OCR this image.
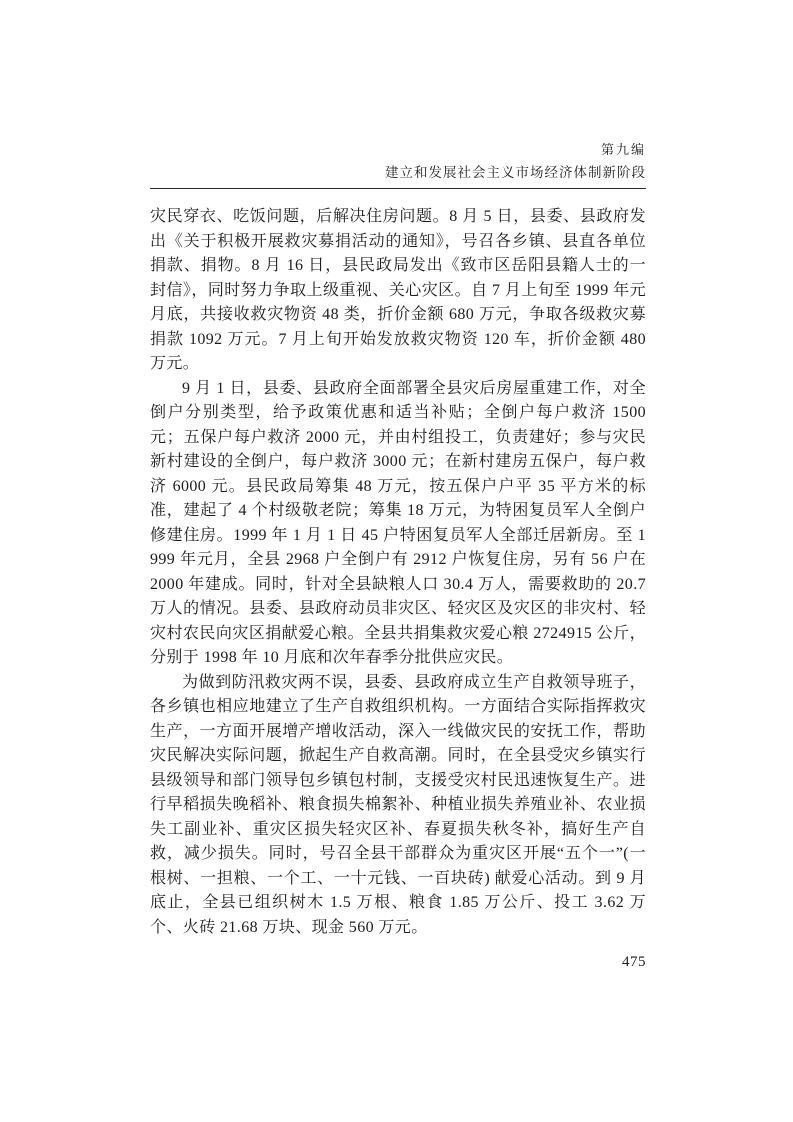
第九编
建立和发展社会主义市场经济体制新阶段

灾民穿衣、吃饭问题，后解决住房问题。8 月 5 日，县委、县政府发出《关于积极开展救灾募捐活动的通知》，号召各乡镇、县直各单位捐款、捐物。8 月 16 日，县民政局发出《致市区岳阳县籍人士的一封信》，同时努力争取上级重视、关心灾区。自 7 月上旬至 1999 年元月底，共接收救灾物资 48 类，折价金额 680 万元，争取各级救灾募捐款 1092 万元。7 月上旬开始发放救灾物资 120 车，折价金额 480 万元。

9 月 1 日，县委、县政府全面部署全县灾后房屋重建工作，对全倒户分别类型，给予政策优惠和适当补贴；全倒户每户救济 1500 元；五保户每户救济 2000 元，并由村组投工，负责建好；参与灾民新村建设的全倒户，每户救济 3000 元；在新村建房五保户，每户救济 6000 元。县民政局筹集 48 万元，按五保户户平 35 平方米的标准，建起了 4 个村级敬老院；筹集 18 万元，为特困复员军人全倒户修建住房。1999 年 1 月 1 日 45 户特困复员军人全部迁居新房。至 1999 年元月，全县 2968 户全倒户有 2912 户恢复住房，另有 56 户在 2000 年建成。同时，针对全县缺粮人口 30.4 万人，需要救助的 20.7 万人的情况。县委、县政府动员非灾区、轻灾区及灾区的非灾村、轻灾村农民向灾区捐献爱心粮。全县共捐集救灾爱心粮 2724915 公斤，分别于 1998 年 10 月底和次年春季分批供应灾民。

为做到防汛救灾两不误，县委、县政府成立生产自救领导班子，各乡镇也相应地建立了生产自救组织机构。一方面结合实际指挥救灾生产，一方面开展增产增收活动，深入一线做灾民的安抚工作，帮助灾民解决实际问题，掀起生产自救高潮。同时，在全县受灾乡镇实行县级领导和部门领导包乡镇包村制，支援受灾村民迅速恢复生产。进行早稻损失晚稻补、粮食损失棉絮补、种植业损失养殖业补、农业损失工副业补、重灾区损失轻灾区补、春夏损失秋冬补，搞好生产自救，减少损失。同时，号召全县干部群众为重灾区开展“五个一”(一根树、一担粮、一个工、一十元钱、一百块砖) 献爱心活动。到 9 月底止，全县已组织树木 1.5 万根、粮食 1.85 万公斤、投工 3.62 万个、火砖 21.68 万块、现金 560 万元。

475
